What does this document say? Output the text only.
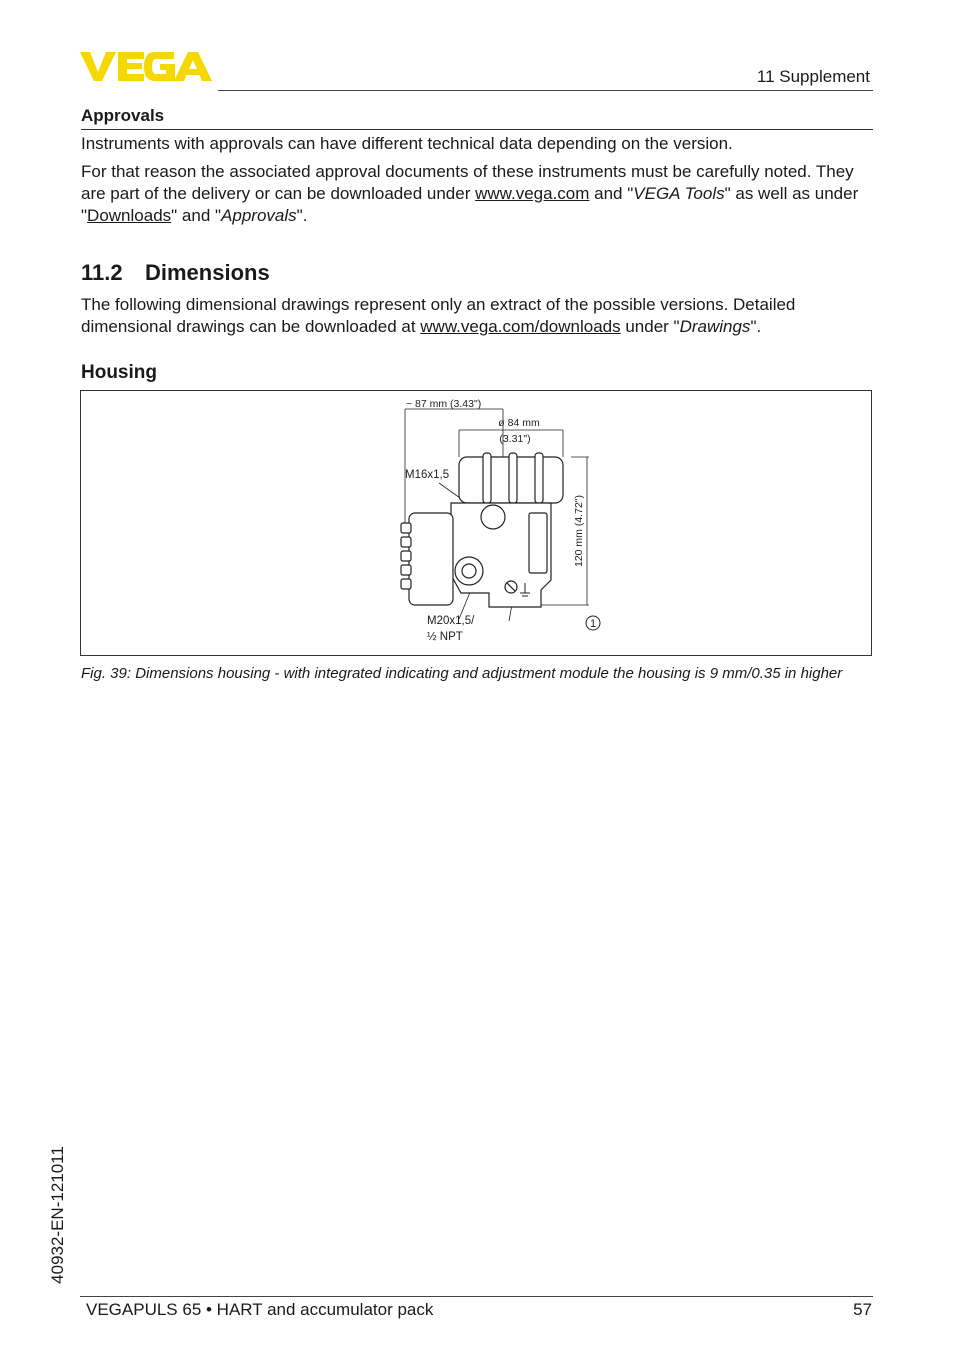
11 Supplement
Approvals

Instruments with approvals can have different technical data depending on the version.

For that reason the associated approval documents of these instruments must be carefully noted. They are part of the delivery or can be downloaded under www.vega.com and "VEGA Tools" as well as under "Downloads" and "Approvals".

11.2 Dimensions

The following dimensional drawings represent only an extract of the possible versions. Detailed dimensional drawings can be downloaded at www.vega.com/downloads under "Drawings".

Housing
~ 87 mm (3.43")
ø 84 mm
(3.31")
M16x1,5
120 mm (4.72")
M20x1,5/
½ NPT
1
Fig. 39: Dimensions housing - with integrated indicating and adjustment module the housing is 9 mm/0.35 in higher
40932-EN-121011
VEGAPULS 65 • HART and accumulator pack	57
